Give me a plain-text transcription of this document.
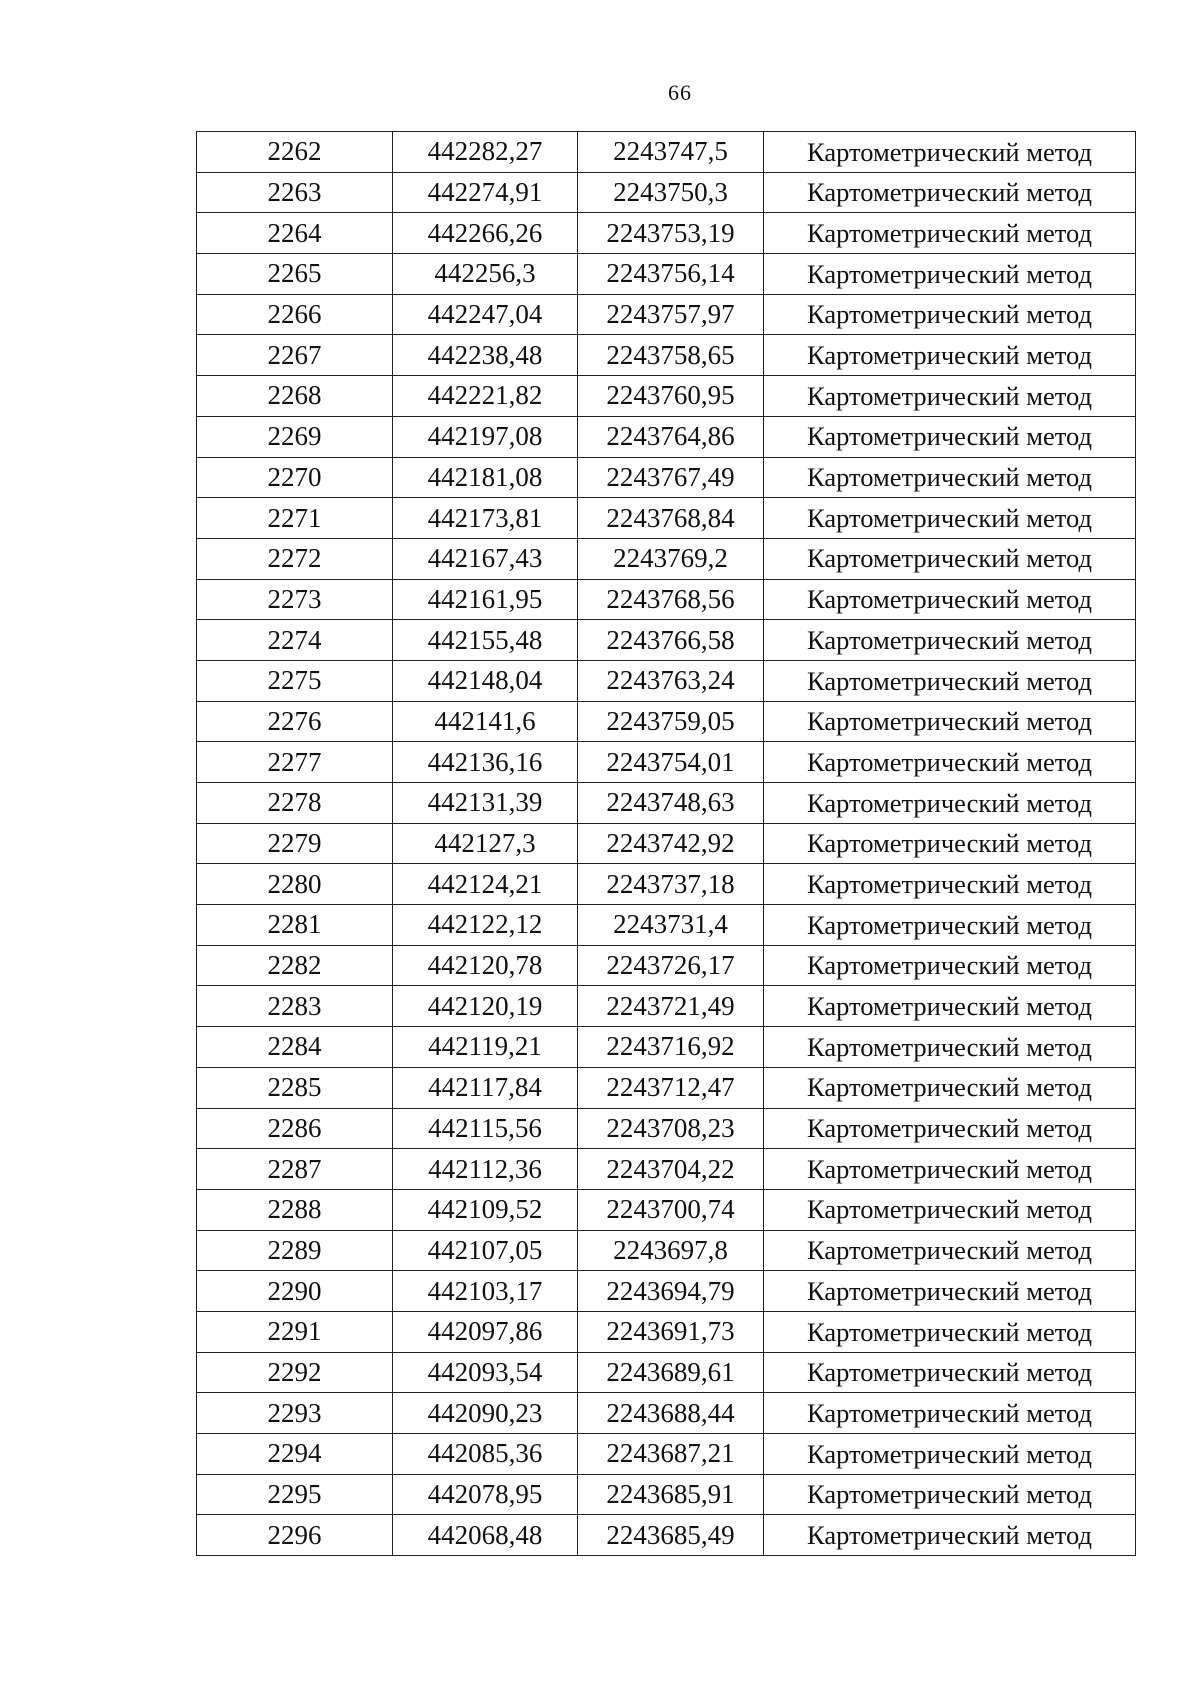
66
2262	442282,27	2243747,5	Картометрический метод
2263	442274,91	2243750,3	Картометрический метод
2264	442266,26	2243753,19	Картометрический метод
2265	442256,3	2243756,14	Картометрический метод
2266	442247,04	2243757,97	Картометрический метод
2267	442238,48	2243758,65	Картометрический метод
2268	442221,82	2243760,95	Картометрический метод
2269	442197,08	2243764,86	Картометрический метод
2270	442181,08	2243767,49	Картометрический метод
2271	442173,81	2243768,84	Картометрический метод
2272	442167,43	2243769,2	Картометрический метод
2273	442161,95	2243768,56	Картометрический метод
2274	442155,48	2243766,58	Картометрический метод
2275	442148,04	2243763,24	Картометрический метод
2276	442141,6	2243759,05	Картометрический метод
2277	442136,16	2243754,01	Картометрический метод
2278	442131,39	2243748,63	Картометрический метод
2279	442127,3	2243742,92	Картометрический метод
2280	442124,21	2243737,18	Картометрический метод
2281	442122,12	2243731,4	Картометрический метод
2282	442120,78	2243726,17	Картометрический метод
2283	442120,19	2243721,49	Картометрический метод
2284	442119,21	2243716,92	Картометрический метод
2285	442117,84	2243712,47	Картометрический метод
2286	442115,56	2243708,23	Картометрический метод
2287	442112,36	2243704,22	Картометрический метод
2288	442109,52	2243700,74	Картометрический метод
2289	442107,05	2243697,8	Картометрический метод
2290	442103,17	2243694,79	Картометрический метод
2291	442097,86	2243691,73	Картометрический метод
2292	442093,54	2243689,61	Картометрический метод
2293	442090,23	2243688,44	Картометрический метод
2294	442085,36	2243687,21	Картометрический метод
2295	442078,95	2243685,91	Картометрический метод
2296	442068,48	2243685,49	Картометрический метод
